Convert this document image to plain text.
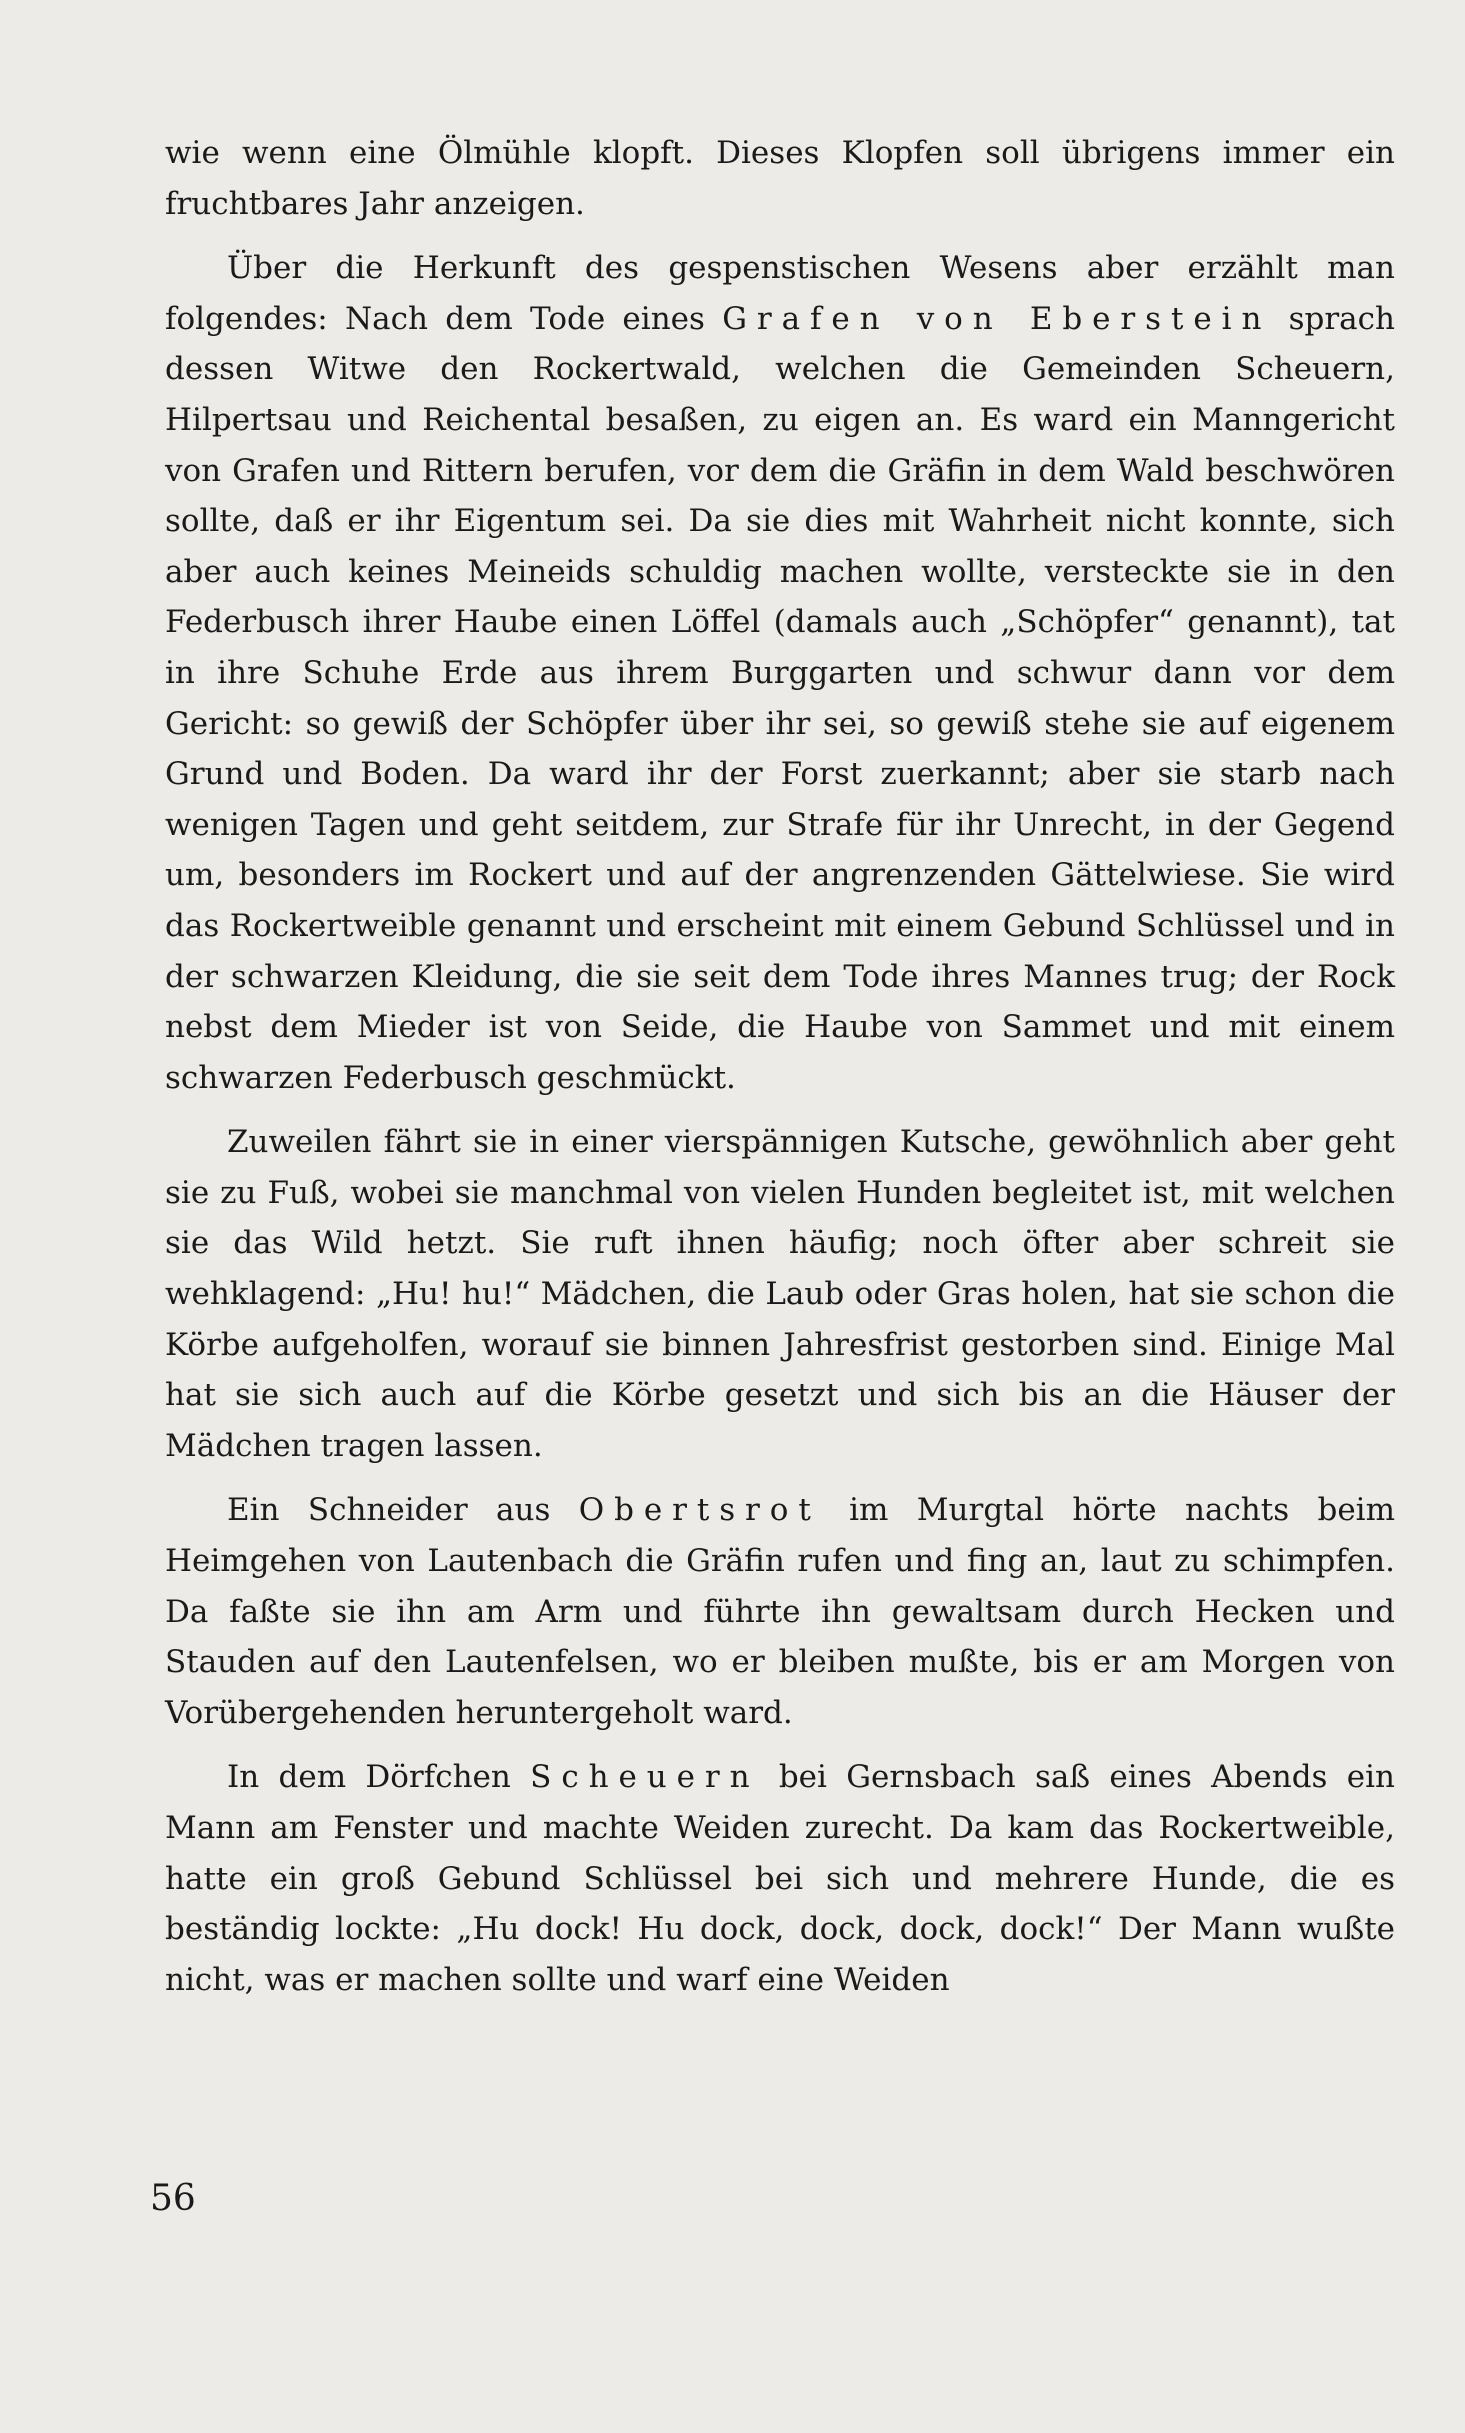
wie wenn eine Ölmühle klopft. Dieses Klopfen soll übrigens immer ein fruchtbares Jahr anzeigen.

Über die Herkunft des gespenstischen Wesens aber erzählt man folgendes: Nach dem Tode eines Grafen von Eberstein sprach dessen Witwe den Rockertwald, welchen die Gemeinden Scheuern, Hilpertsau und Reichental besaßen, zu eigen an. Es ward ein Manngericht von Grafen und Rittern berufen, vor dem die Gräfin in dem Wald beschwören sollte, daß er ihr Eigentum sei. Da sie dies mit Wahrheit nicht konnte, sich aber auch keines Meineids schuldig machen wollte, versteckte sie in den Federbusch ihrer Haube einen Löffel (damals auch „Schöpfer“ genannt), tat in ihre Schuhe Erde aus ihrem Burggarten und schwur dann vor dem Gericht: so gewiß der Schöpfer über ihr sei, so gewiß stehe sie auf eigenem Grund und Boden. Da ward ihr der Forst zuerkannt; aber sie starb nach wenigen Tagen und geht seitdem, zur Strafe für ihr Unrecht, in der Gegend um, besonders im Rockert und auf der angrenzenden Gättelwiese. Sie wird das Rockertweible genannt und erscheint mit einem Gebund Schlüssel und in der schwarzen Kleidung, die sie seit dem Tode ihres Mannes trug; der Rock nebst dem Mieder ist von Seide, die Haube von Sammet und mit einem schwarzen Federbusch geschmückt.

Zuweilen fährt sie in einer vierspännigen Kutsche, gewöhnlich aber geht sie zu Fuß, wobei sie manchmal von vielen Hunden begleitet ist, mit welchen sie das Wild hetzt. Sie ruft ihnen häufig; noch öfter aber schreit sie wehklagend: „Hu! hu!“ Mädchen, die Laub oder Gras holen, hat sie schon die Körbe aufgeholfen, worauf sie binnen Jahresfrist gestorben sind. Einige Mal hat sie sich auch auf die Körbe gesetzt und sich bis an die Häuser der Mädchen tragen lassen.

Ein Schneider aus Obertsrot im Murgtal hörte nachts beim Heimgehen von Lautenbach die Gräfin rufen und fing an, laut zu schimpfen. Da faßte sie ihn am Arm und führte ihn gewaltsam durch Hecken und Stauden auf den Lautenfelsen, wo er bleiben mußte, bis er am Morgen von Vorübergehenden heruntergeholt ward.

In dem Dörfchen Scheuern bei Gernsbach saß eines Abends ein Mann am Fenster und machte Weiden zurecht. Da kam das Rockertweible, hatte ein groß Gebund Schlüssel bei sich und mehrere Hunde, die es beständig lockte: „Hu dock! Hu dock, dock, dock, dock!“ Der Mann wußte nicht, was er machen sollte und warf eine Weiden

56
